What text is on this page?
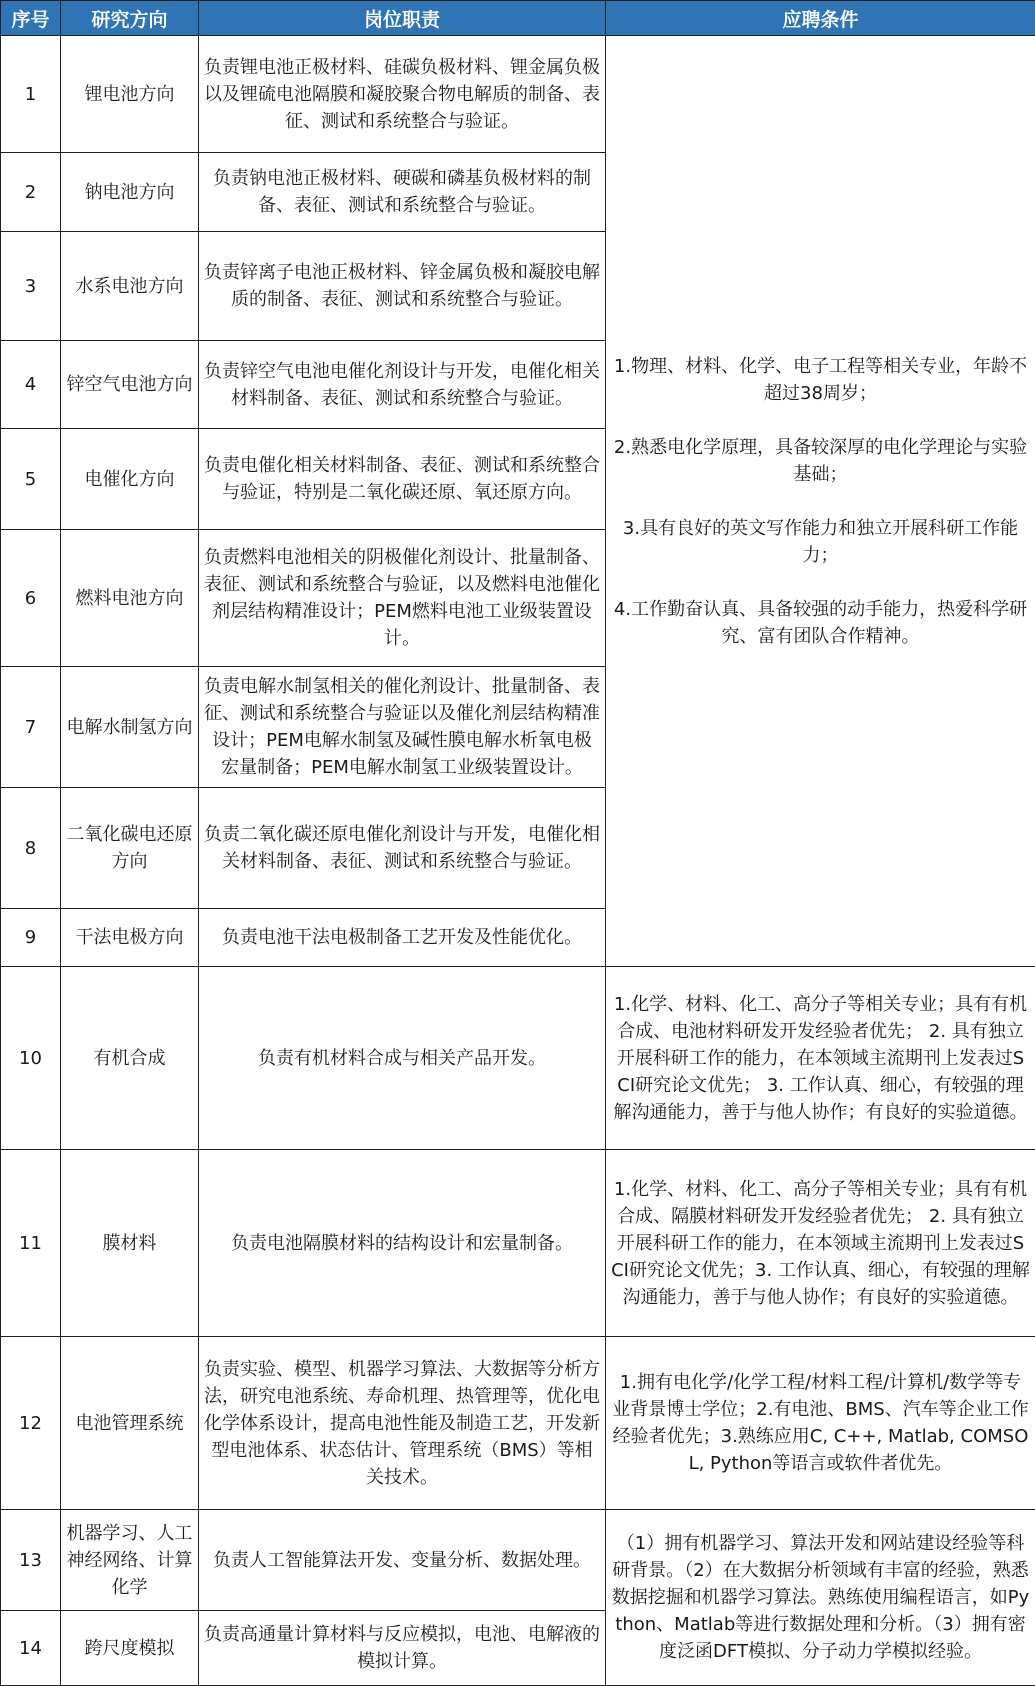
序号	研究方向	岗位职责	应聘条件
1	锂电池方向	负责锂电池正极材料、硅碳负极材料、锂金属负极以及锂硫电池隔膜和凝胶聚合物电解质的制备、表征、测试和系统整合与验证。	1.物理、材料、化学、电子工程等相关专业，年龄不超过38周岁；
2.熟悉电化学原理，具备较深厚的电化学理论与实验基础；
3.具有良好的英文写作能力和独立开展科研工作能力；
4.工作勤奋认真、具备较强的动手能力，热爱科学研究、富有团队合作精神。

2	钠电池方向	负责钠电池正极材料、硬碳和磷基负极材料的制备、表征、测试和系统整合与验证。	
3	水系电池方向	负责锌离子电池正极材料、锌金属负极和凝胶电解质的制备、表征、测试和系统整合与验证。	
4	锌空气电池方向	负责锌空气电池电催化剂设计与开发，电催化相关材料制备、表征、测试和系统整合与验证。	
5	电催化方向	负责电催化相关材料制备、表征、测试和系统整合与验证，特别是二氧化碳还原、氧还原方向。	
6	燃料电池方向	负责燃料电池相关的阴极催化剂设计、批量制备、表征、测试和系统整合与验证，以及燃料电池催化剂层结构精准设计；PEM燃料电池工业级装置设计。	
7	电解水制氢方向	负责电解水制氢相关的催化剂设计、批量制备、表征、测试和系统整合与验证以及催化剂层结构精准设计；PEM电解水制氢及碱性膜电解水析氧电极宏量制备；PEM电解水制氢工业级装置设计。	
8	二氧化碳电还原方向	负责二氧化碳还原电催化剂设计与开发，电催化相关材料制备、表征、测试和系统整合与验证。	
9	干法电极方向	负责电池干法电极制备工艺开发及性能优化。	
10	有机合成	负责有机材料合成与相关产品开发。	1.化学、材料、化工、高分子等相关专业；具有有机合成、电池材料研发开发经验者优先； 2. 具有独立开展科研工作的能力，在本领域主流期刊上发表过SCI研究论文优先； 3. 工作认真、细心，有较强的理解沟通能力，善于与他人协作；有良好的实验道德。
11	膜材料	负责电池隔膜材料的结构设计和宏量制备。	1.化学、材料、化工、高分子等相关专业；具有有机合成、隔膜材料研发开发经验者优先； 2. 具有独立开展科研工作的能力，在本领域主流期刊上发表过SCI研究论文优先；3. 工作认真、细心，有较强的理解沟通能力，善于与他人协作；有良好的实验道德。
12	电池管理系统	负责实验、模型、机器学习算法、大数据等分析方法，研究电池系统、寿命机理、热管理等，优化电化学体系设计，提高电池性能及制造工艺，开发新型电池体系、状态估计、管理系统（BMS）等相关技术。	1.拥有电化学/化学工程/材料工程/计算机/数学等专业背景博士学位；2.有电池、BMS、汽车等企业工作经验者优先；3.熟练应用C, C++, Matlab, COMSOL, Python等语言或软件者优先。
13	机器学习、人工神经网络、计算化学	负责人工智能算法开发、变量分析、数据处理。	（1）拥有机器学习、算法开发和网站建设经验等科研背景。（2）在大数据分析领域有丰富的经验，熟悉数据挖掘和机器学习算法。熟练使用编程语言，如Python、Matlab等进行数据处理和分析。（3）拥有密度泛函DFT模拟、分子动力学模拟经验。
14	跨尺度模拟	负责高通量计算材料与反应模拟，电池、电解液的模拟计算。	
